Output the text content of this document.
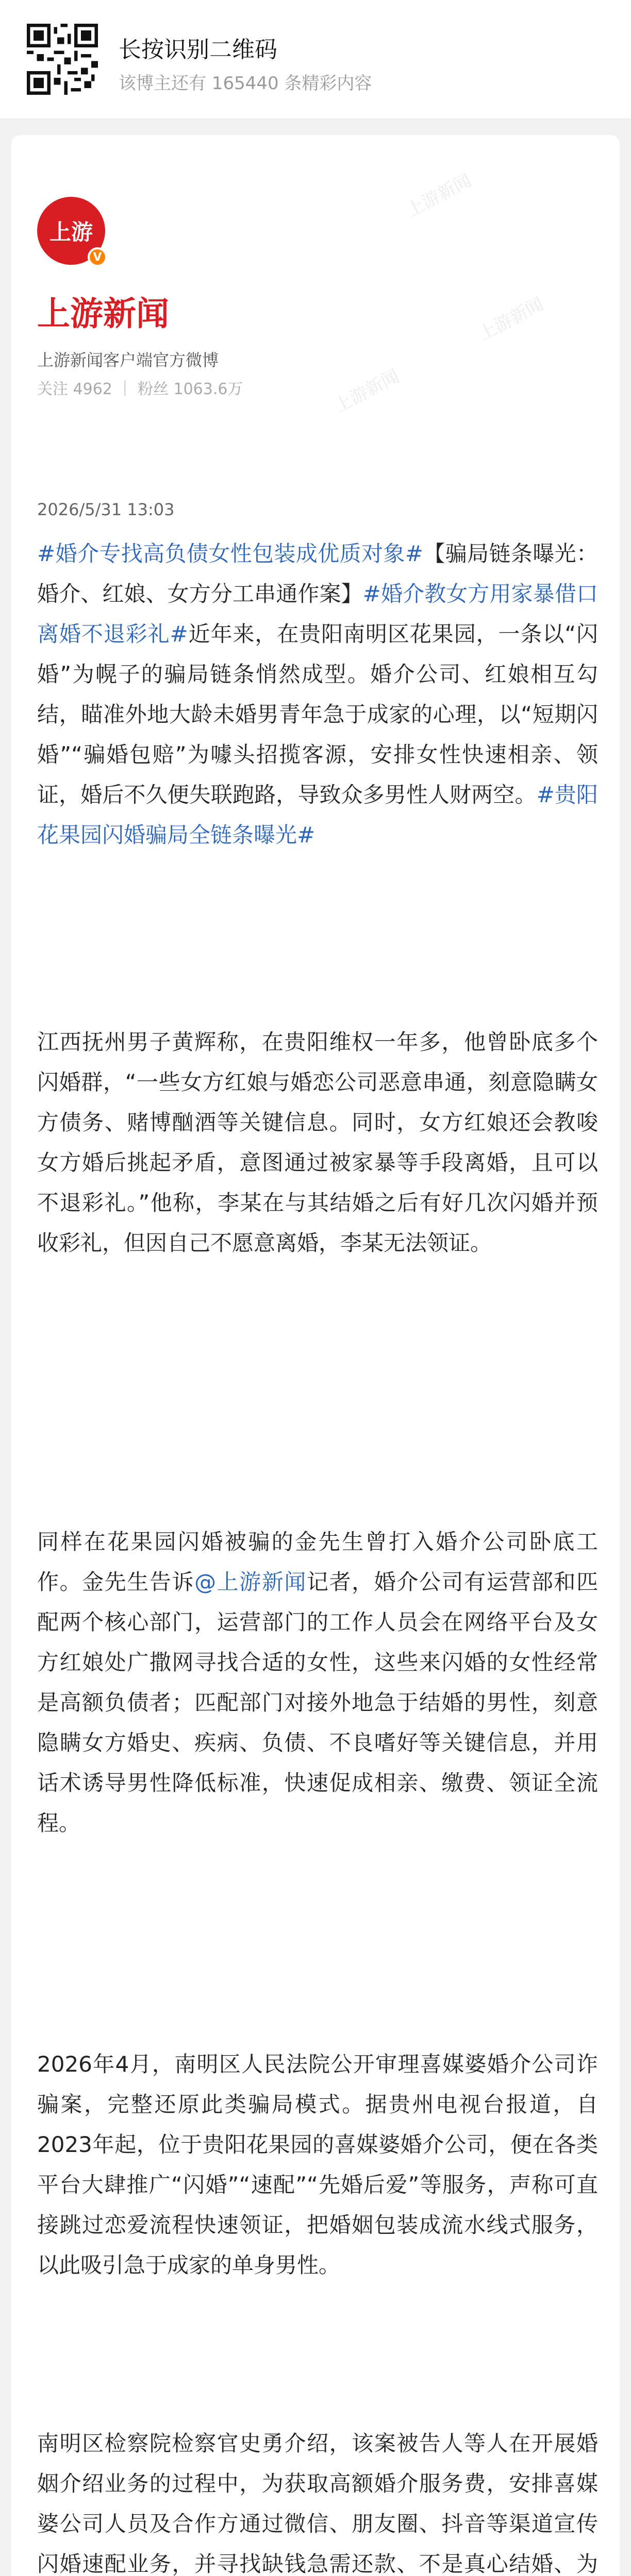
长按识别二维码
该博主还有 165440 条精彩内容
上游新闻
上游新闻
上游新闻
上游
V
上游新闻
上游新闻客户端官方微博
关注 4962 ｜ 粉丝 1063.6万
2026/5/31 13:03
#婚介专找高负债女性包装成优质对象#【骗局链条曝光：婚介、红娘、女方分工串通作案】#婚介教女方用家暴借口离婚不退彩礼#近年来，在贵阳南明区花果园，一条以“闪婚”为幌子的骗局链条悄然成型。婚介公司、红娘相互勾结，瞄准外地大龄未婚男青年急于成家的心理，以“短期闪婚”“骗婚包赔”为噱头招揽客源，安排女性快速相亲、领证，婚后不久便失联跑路，导致众多男性人财两空。#贵阳花果园闪婚骗局全链条曝光#
江西抚州男子黄辉称，在贵阳维权一年多，他曾卧底多个闪婚群，“一些女方红娘与婚恋公司恶意串通，刻意隐瞒女方债务、赌博酗酒等关键信息。同时，女方红娘还会教唆女方婚后挑起矛盾，意图通过被家暴等手段离婚，且可以不退彩礼。”他称，李某在与其结婚之后有好几次闪婚并预收彩礼，但因自己不愿意离婚，李某无法领证。
同样在花果园闪婚被骗的金先生曾打入婚介公司卧底工作。金先生告诉@上游新闻记者，婚介公司有运营部和匹配两个核心部门，运营部门的工作人员会在网络平台及女方红娘处广撒网寻找合适的女性，这些来闪婚的女性经常是高额负债者；匹配部门对接外地急于结婚的男性，刻意隐瞒女方婚史、疾病、负债、不良嗜好等关键信息，并用话术诱导男性降低标准，快速促成相亲、缴费、领证全流程。
2026年4月，南明区人民法院公开审理喜媒婆婚介公司诈骗案，完整还原此类骗局模式。据贵州电视台报道，自2023年起，位于贵阳花果园的喜媒婆婚介公司，便在各类平台大肆推广“闪婚”“速配”“先婚后爱”等服务，声称可直接跳过恋爱流程快速领证，把婚姻包装成流水线式服务，以此吸引急于成家的单身男性。
南明区检察院检察官史勇介绍，该案被告人等人在开展婚姻介绍业务的过程中，为获取高额婚介服务费，安排喜媒婆公司人员及合作方通过微信、朋友圈、抖音等渠道宣传闪婚速配业务，并寻找缺钱急需还款、不是真心结婚、为
